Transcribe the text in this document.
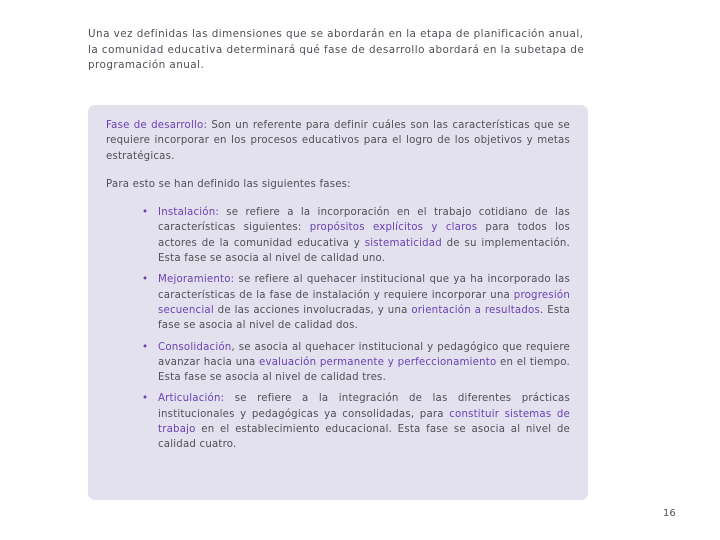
Una vez definidas las dimensiones que se abordarán en la etapa de planificación anual, la comunidad educativa determinará qué fase de desarrollo abordará en la subetapa de programación anual.

Fase de desarrollo: Son un referente para definir cuáles son las características que se requiere incorporar en los procesos educativos para el logro de los objetivos y metas estratégicas.

Para esto se han definido las siguientes fases:

• Instalación: se refiere a la incorporación en el trabajo cotidiano de las características siguientes: propósitos explícitos y claros para todos los actores de la comunidad educativa y sistematicidad de su implementación. Esta fase se asocia al nivel de calidad uno.
• Mejoramiento: se refiere al quehacer institucional que ya ha incorporado las características de la fase de instalación y requiere incorporar una progresión secuencial de las acciones involucradas, y una orientación a resultados. Esta fase se asocia al nivel de calidad dos.
• Consolidación, se asocia al quehacer institucional y pedagógico que requiere avanzar hacia una evaluación permanente y perfeccionamiento en el tiempo. Esta fase se asocia al nivel de calidad tres.
• Articulación: se refiere a la integración de las diferentes prácticas institucionales y pedagógicas ya consolidadas, para constituir sistemas de trabajo en el establecimiento educacional. Esta fase se asocia al nivel de calidad cuatro.
16
